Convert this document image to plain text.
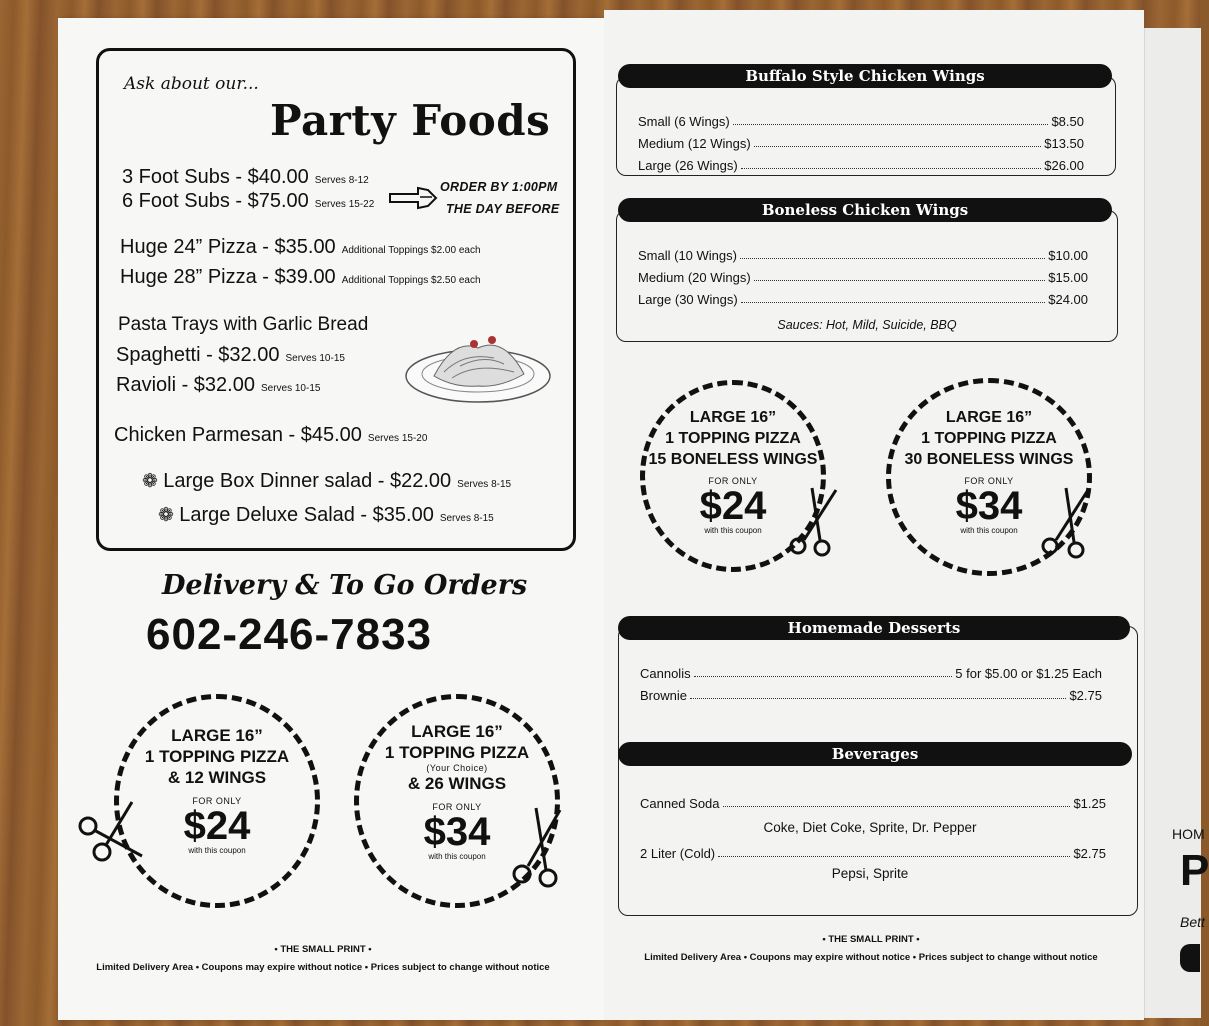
Ask about our...
Party Foods
3 Foot Subs - $40.00 Serves 8-12
6 Foot Subs - $75.00 Serves 15-22
ORDER BY 1:00PM
THE DAY BEFORE
Huge 24” Pizza - $35.00 Additional Toppings $2.00 each
Huge 28” Pizza - $39.00 Additional Toppings $2.50 each
Pasta Trays with Garlic Bread
Spaghetti - $32.00 Serves 10-15
Ravioli - $32.00 Serves 10-15
Chicken Parmesan - $45.00 Serves 15-20
❁ Large Box Dinner salad - $22.00 Serves 8-15
❁ Large Deluxe Salad - $35.00 Serves 8-15
Delivery & To Go Orders
602-246-7833
LARGE 16”
1 TOPPING PIZZA
& 12 WINGS
FOR ONLY
$24
with this coupon
LARGE 16”
1 TOPPING PIZZA
(Your Choice)
& 26 WINGS
FOR ONLY
$34
with this coupon
• THE SMALL PRINT •
Limited Delivery Area • Coupons may expire without notice • Prices subject to change without notice
Buffalo Style Chicken Wings
Small (6 Wings)	$8.50
Medium (12 Wings)	$13.50
Large (26 Wings)	$26.00
Boneless Chicken Wings
Small (10 Wings)	$10.00
Medium (20 Wings)	$15.00
Large (30 Wings)	$24.00
Sauces: Hot, Mild, Suicide, BBQ
LARGE 16”
1 TOPPING PIZZA
15 BONELESS WINGS
FOR ONLY
$24
with this coupon
LARGE 16”
1 TOPPING PIZZA
30 BONELESS WINGS
FOR ONLY
$34
with this coupon
Homemade Desserts
Cannolis	5 for $5.00 or $1.25 Each
Brownie	$2.75
Beverages
Canned Soda	$1.25
Coke, Diet Coke, Sprite, Dr. Pepper
2 Liter (Cold)	$2.75
Pepsi, Sprite
• THE SMALL PRINT •
Limited Delivery Area • Coupons may expire without notice • Prices subject to change without notice
HOM
P
Bett
